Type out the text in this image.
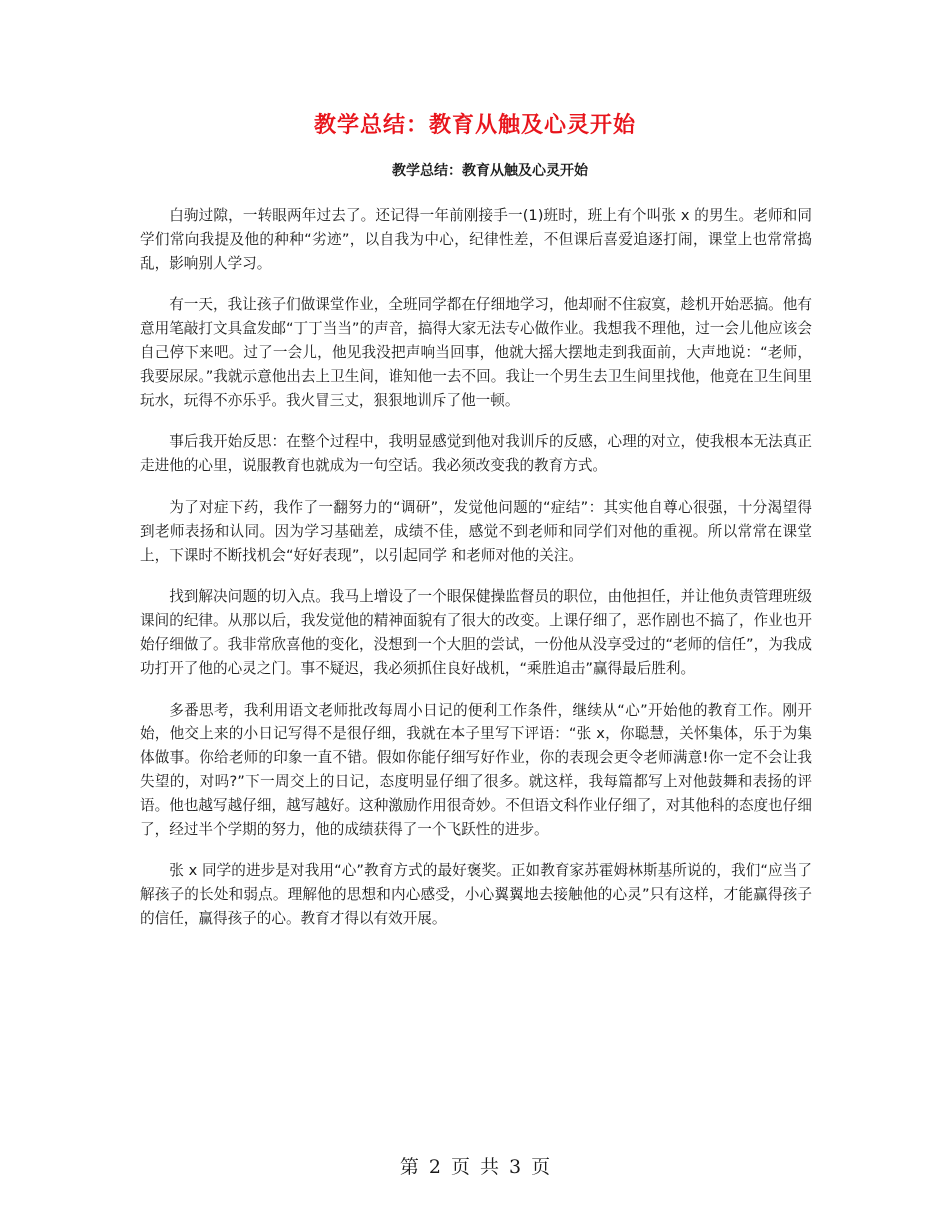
教学总结：教育从触及心灵开始
教学总结：教育从触及心灵开始

白驹过隙，一转眼两年过去了。还记得一年前刚接手一(1)班时，班上有个叫张 x 的男生。老师和同学们常向我提及他的种种“劣迹”，以自我为中心，纪律性差，不但课后喜爱追逐打闹，课堂上也常常捣乱，影响别人学习。

有一天，我让孩子们做课堂作业，全班同学都在仔细地学习，他却耐不住寂寞，趁机开始恶搞。他有意用笔敲打文具盒发邮“丁丁当当”的声音，搞得大家无法专心做作业。我想我不理他，过一会儿他应该会自己停下来吧。过了一会儿，他见我没把声响当回事，他就大摇大摆地走到我面前，大声地说：“老师，我要尿尿。”我就示意他出去上卫生间，谁知他一去不回。我让一个男生去卫生间里找他，他竟在卫生间里玩水，玩得不亦乐乎。我火冒三丈，狠狠地训斥了他一顿。

事后我开始反思：在整个过程中，我明显感觉到他对我训斥的反感，心理的对立，使我根本无法真正走进他的心里，说服教育也就成为一句空话。我必须改变我的教育方式。

为了对症下药，我作了一翻努力的“调研”，发觉他问题的“症结”：其实他自尊心很强，十分渴望得到老师表扬和认同。因为学习基础差，成绩不佳，感觉不到老师和同学们对他的重视。所以常常在课堂上，下课时不断找机会“好好表现”，以引起同学 和老师对他的关注。

找到解决问题的切入点。我马上增设了一个眼保健操监督员的职位，由他担任，并让他负责管理班级课间的纪律。从那以后，我发觉他的精神面貌有了很大的改变。上课仔细了，恶作剧也不搞了，作业也开始仔细做了。我非常欣喜他的变化，没想到一个大胆的尝试，一份他从没享受过的“老师的信任”，为我成功打开了他的心灵之门。事不疑迟，我必须抓住良好战机，“乘胜追击”赢得最后胜利。

多番思考，我利用语文老师批改每周小日记的便利工作条件，继续从“心”开始他的教育工作。刚开始，他交上来的小日记写得不是很仔细，我就在本子里写下评语：“张 x，你聪慧，关怀集体，乐于为集体做事。你给老师的印象一直不错。假如你能仔细写好作业，你的表现会更令老师满意!你一定不会让我失望的，对吗?”下一周交上的日记，态度明显仔细了很多。就这样，我每篇都写上对他鼓舞和表扬的评语。他也越写越仔细，越写越好。这种激励作用很奇妙。不但语文科作业仔细了，对其他科的态度也仔细了，经过半个学期的努力，他的成绩获得了一个飞跃性的进步。

张 x 同学的进步是对我用“心”教育方式的最好褒奖。正如教育家苏霍姆林斯基所说的，我们“应当了解孩子的长处和弱点。理解他的思想和内心感受，小心翼翼地去接触他的心灵”只有这样，才能赢得孩子的信任，赢得孩子的心。教育才得以有效开展。

第 2 页 共 3 页
